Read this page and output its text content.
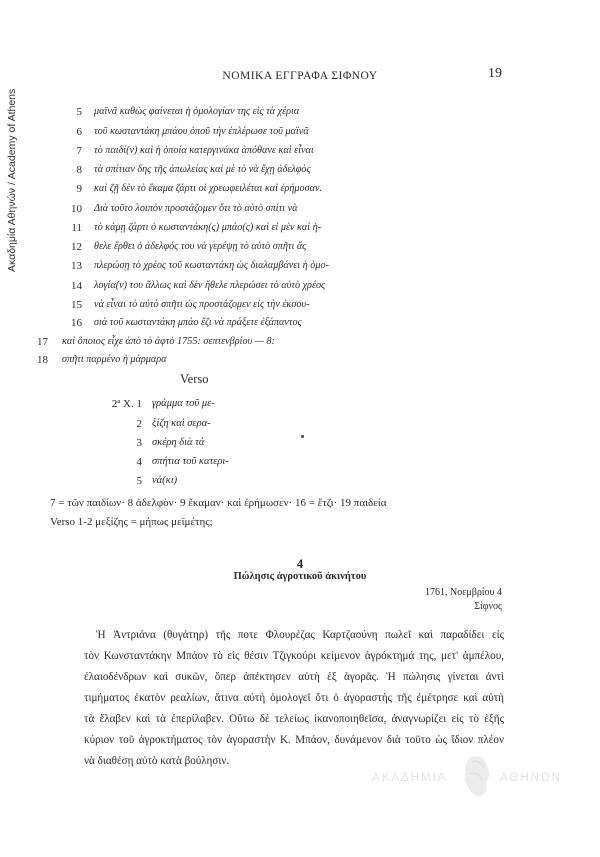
Ακαδημία Αθηνών / Academy of Athens
ΝΟΜΙΚΑ ΕΓΓΡΑΦΑ ΣΙΦΝΟΥ	19
5 μαϊνᾶ καθὼς φαίνεται ἡ ὁμολογίαν της εἰς τὰ χέρια
6 τοῦ κωσταντάκη μπάου ὁποῦ τὴν ἐπλέρωσε τοῦ μαϊνᾶ
7 τὸ παιδί(ν) καὶ ἡ ὁποία κατεργινάκα ἀπόθανε καὶ εἶναι
8 τὰ σπίτιαν δης τῆς ἀπωλείας καὶ μὲ τὸ νὰ ἔχῃ ἀδελφὸς
9 καὶ ζῇ δὲν τὸ ἔκαμα ζάρτι οἱ χρεωφειλέται καὶ ἐρήμοσαν.
10 Διὰ τοῦτο λοιπὸν προστάζομεν ὅτι τὸ αὐτὸ σπίτι νὰ
11 τὸ κάμῃ ζάρτι ὁ κωσταντάκη(ς) μπάο(ς) καὶ εἰ μὲν καὶ ἡ-
12 θελε ἔρθει ὁ ἀδελφός του νὰ γερέψῃ τὸ αὐτὸ σπῆτι ἄς
13 πλερώσῃ τὸ χρέος τοῦ κωσταντάκη ὡς διαλαμβάνει ἡ ὁμο-
14 λογία(ν) του ἄλλως καὶ δὲν ἤθελε πλερώσει τὸ αὐτὸ χρέος
15 νὰ εἶναι τὸ αὐτὸ σπῆτι ὡς προστάζομεν εἰς τὴν ἐκσου-
16 σιὰ τοῦ κωσταντάκη μπάο ἔζι νὰ πράξετε ἐξάπαντος
17 καὶ ὅποιος εἶχε ἀπὸ τὸ ἀφτὸ 1755: σεπτενβρίου — 8:
18 σπῆτι παρμένο ἡ μάρμαρα
Verso
2ª X. 1 γράμμα τοῦ με-
2 ξίζη καὶ σερα-
3 σκέρη διὰ τά
4 σπήτια τοῦ κατερι-
5 νά(κι)
7 = τῶν παιδίων· 8 ἀδελφὸν· 9 ἔκαμαν· καὶ ἐρήμωσεν· 16 = ἔτζι· 19 παιδεία
Verso 1-2 μεξίζης = μήπως μεϊμέτης;
4
Πώλησις ἀγροτικοῦ ἀκινήτου
1761, Νοεμβρίου 4
Σίφνος
Ἡ Ἀντριάνα (θυγάτηρ) τῆς ποτε Φλουρέζας Καρτζαούνη πωλεῖ καὶ παραδίδει εἰς
τὸν Κωνσταντάκην Μπάον τὸ εἰς θέσιν Τζιγκούρι κείμενον ἀγρόκτημά της, μετ' ἀμπέλου,
ἐλαιοδένδρων καὶ συκῶν, ὅπερ ἀπέκτησεν αὐτὴ ἐξ ἀγορᾶς. Ἡ πώλησις γίνεται ἀντὶ
τιμήματος ἑκατὸν ρεαλίων, ἅτινα αὐτὴ ὁμολογεῖ ὅτι ὁ ἀγοραστὴς τῆς ἐμέτρησε καὶ αὐτὴ
τὰ ἔλαβεν καὶ τὰ ἐπερίλαβεν. Οὕτω δὲ τελείως ἱκανοποιηθεῖσα, ἀναγνωρίζει εἰς τὸ ἑξῆς
κύριον τοῦ ἀγροκτήματος τὸν ἀγοραστὴν Κ. Μπάον, δυνάμενον διὰ τοῦτο ὡς ἴδιον πλέον
νὰ διαθέσῃ αὐτὸ κατὰ βούλησιν.
ΑΚΑΔΗΜΙΑ	ΑΘΗΝΩΝ
